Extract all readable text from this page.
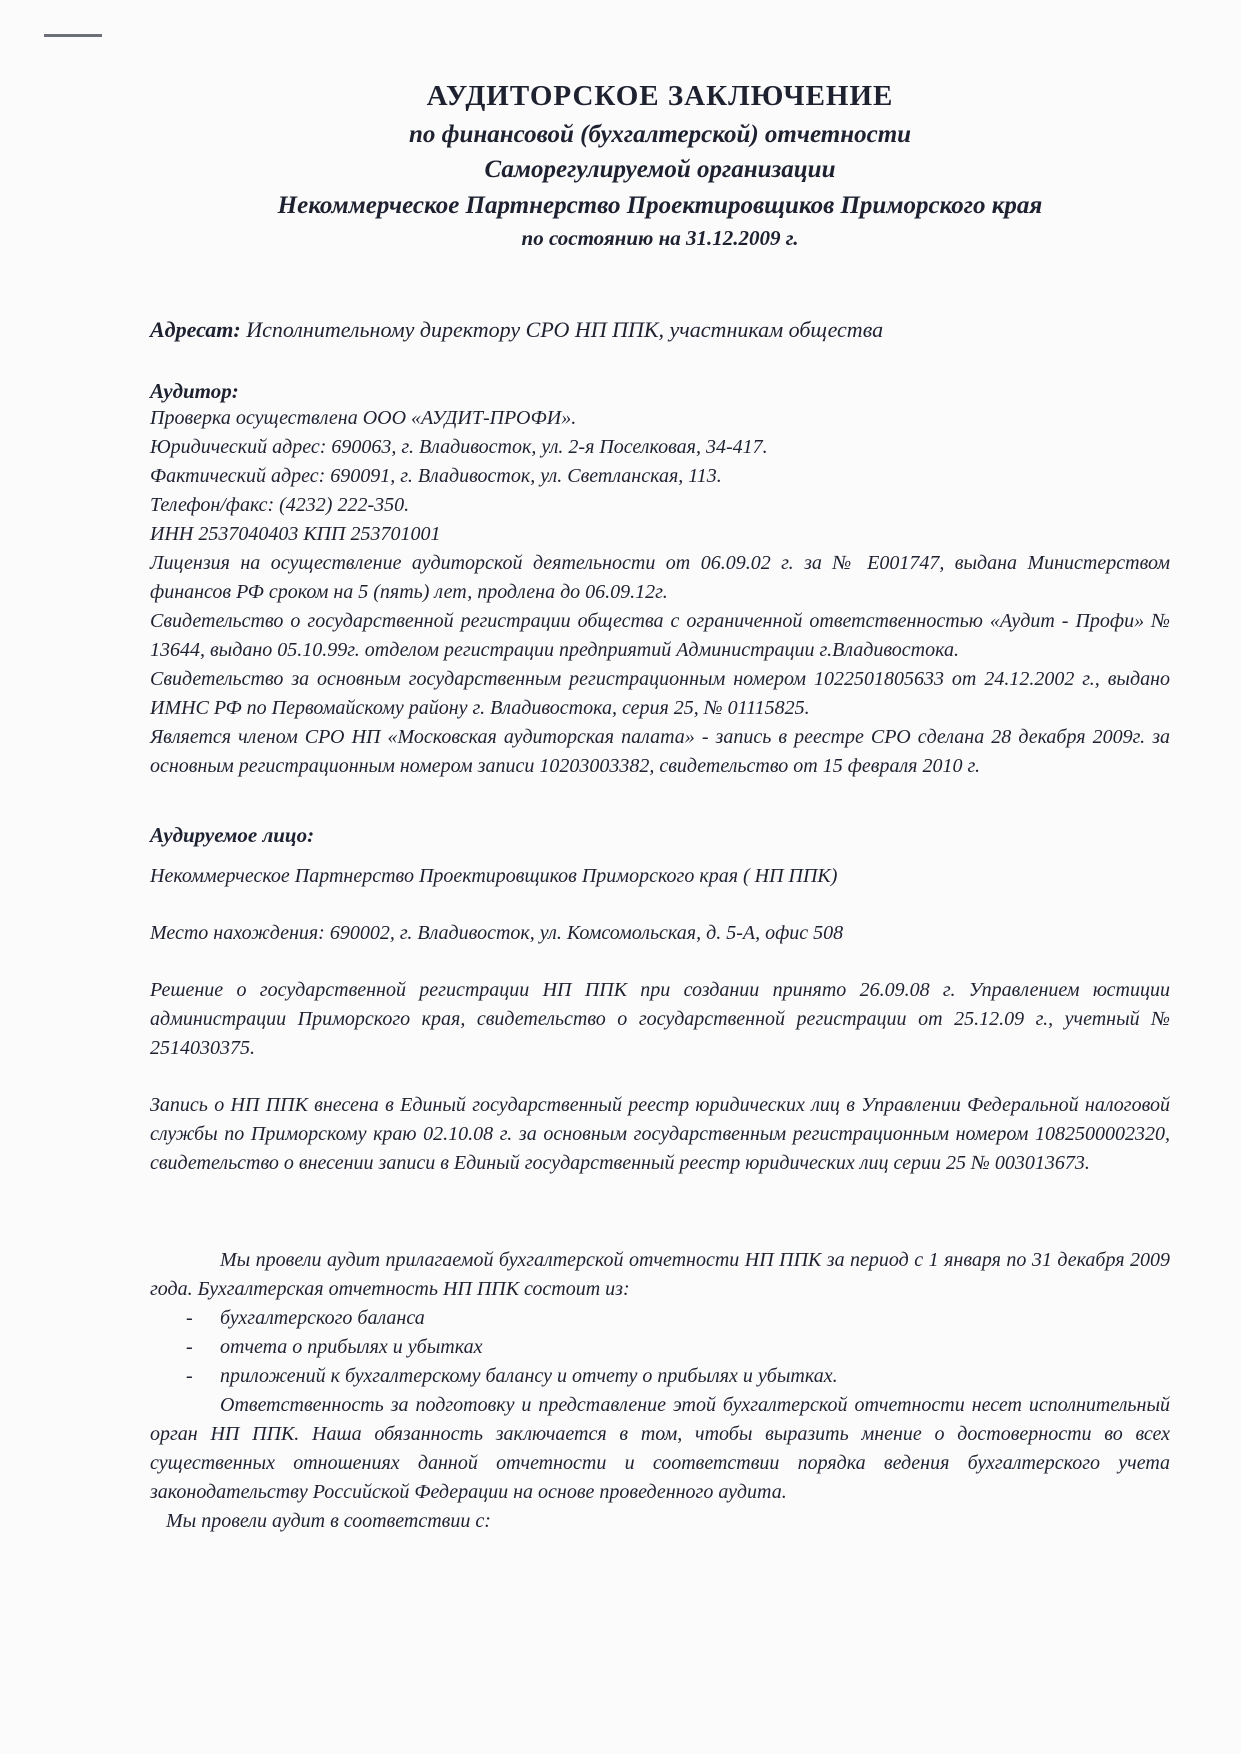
АУДИТОРСКОЕ ЗАКЛЮЧЕНИЕ
по финансовой (бухгалтерской) отчетности
Саморегулируемой организации
Некоммерческое Партнерство Проектировщиков Приморского края
по состоянию на 31.12.2009 г.
Адресат: Исполнительному директору СРО НП ППК, участникам общества
Аудитор:

Проверка осуществлена ООО «АУДИТ-ПРОФИ».

Юридический адрес: 690063, г. Владивосток, ул. 2-я Поселковая, 34-417.

Фактический адрес: 690091, г. Владивосток, ул. Светланская, 113.

Телефон/факс: (4232) 222-350.

ИНН 2537040403 КПП 253701001

Лицензия на осуществление аудиторской деятельности от 06.09.02 г. за № Е001747, выдана Министерством финансов РФ сроком на 5 (пять) лет, продлена до 06.09.12г.

Свидетельство о государственной регистрации общества с ограниченной ответственностью «Аудит - Профи» № 13644, выдано 05.10.99г. отделом регистрации предприятий Администрации г.Владивостока.

Свидетельство за основным государственным регистрационным номером 1022501805633 от 24.12.2002 г., выдано ИМНС РФ по Первомайскому району г. Владивостока, серия 25, № 01115825.

Является членом СРО НП «Московская аудиторская палата» - запись в реестре СРО сделана 28 декабря 2009г. за основным регистрационным номером записи 10203003382, свидетельство от 15 февраля 2010 г.

Аудируемое лицо:

Некоммерческое Партнерство Проектировщиков Приморского края ( НП ППК)

Место нахождения: 690002, г. Владивосток, ул. Комсомольская, д. 5-А, офис 508

Решение о государственной регистрации НП ППК при создании принято 26.09.08 г. Управлением юстиции администрации Приморского края, свидетельство о государственной регистрации от 25.12.09 г., учетный № 2514030375.

Запись о НП ППК внесена в Единый государственный реестр юридических лиц в Управлении Федеральной налоговой службы по Приморскому краю 02.10.08 г. за основным государственным регистрационным номером 1082500002320, свидетельство о внесении записи в Единый государственный реестр юридических лиц серии 25 № 003013673.

Мы провели аудит прилагаемой бухгалтерской отчетности НП ППК за период с 1 января по 31 декабря 2009 года. Бухгалтерская отчетность НП ППК состоит из:

- бухгалтерского баланса
- отчета о прибылях и убытках
- приложений к бухгалтерскому балансу и отчету о прибылях и убытках.

Ответственность за подготовку и представление этой бухгалтерской отчетности несет исполнительный орган НП ППК. Наша обязанность заключается в том, чтобы выразить мнение о достоверности во всех существенных отношениях данной отчетности и соответствии порядка ведения бухгалтерского учета законодательству Российской Федерации на основе проведенного аудита.

Мы провели аудит в соответствии с:
